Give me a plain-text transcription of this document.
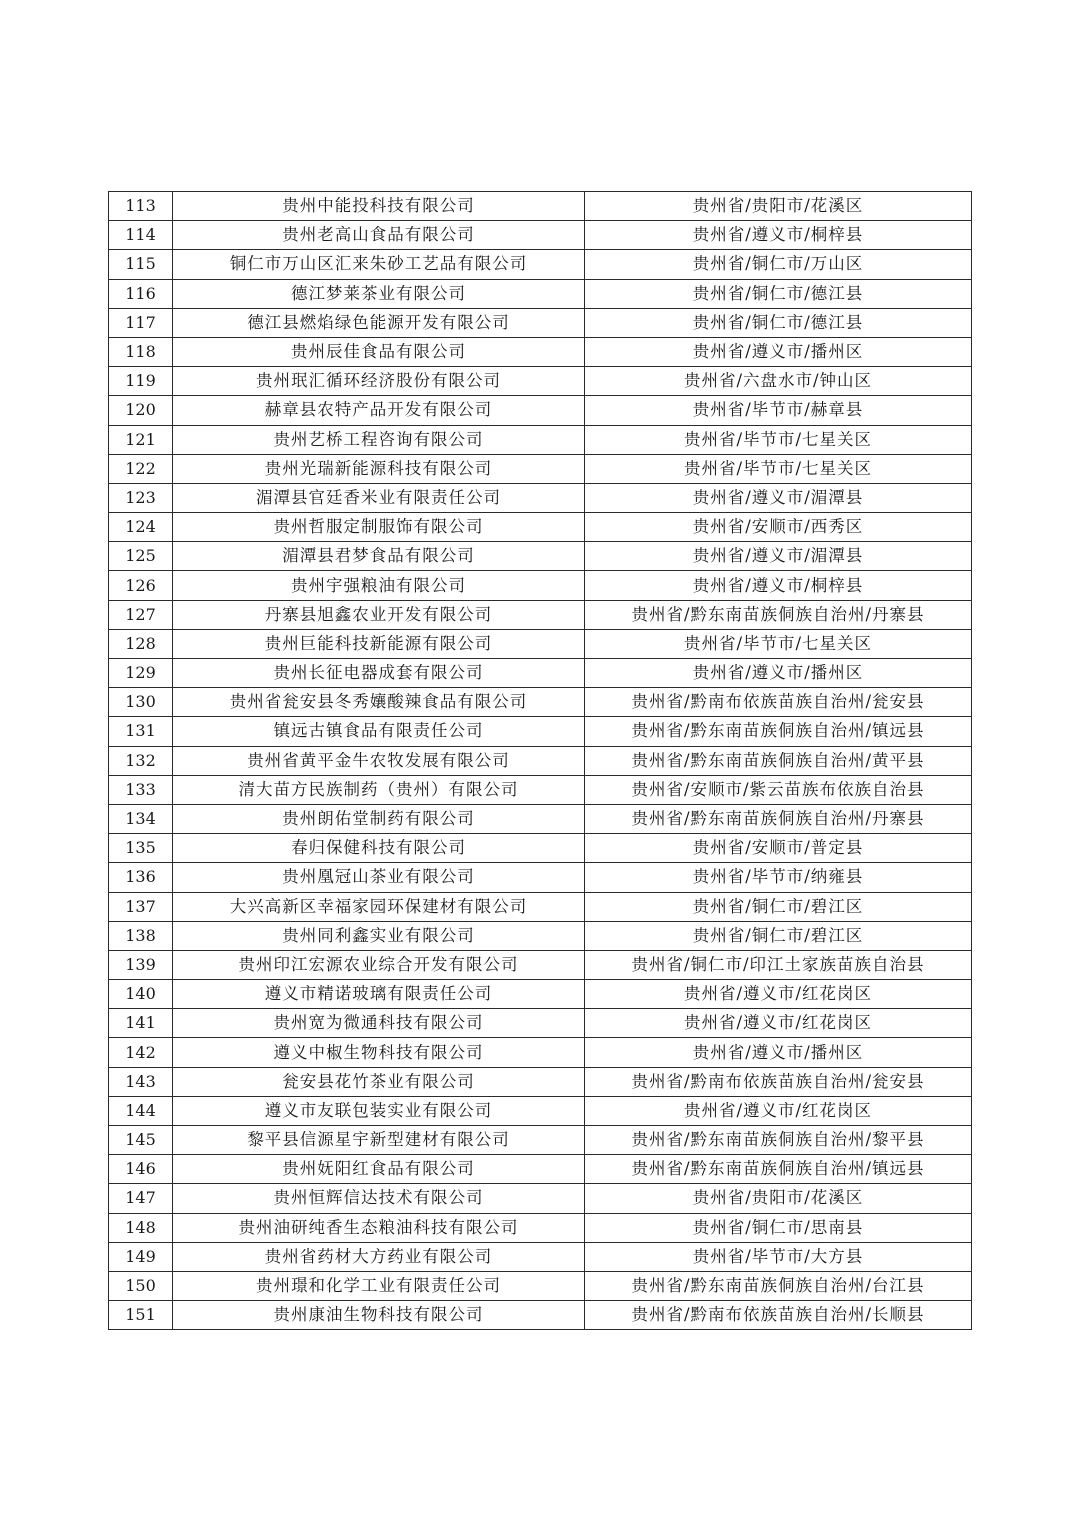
113	贵州中能投科技有限公司	贵州省/贵阳市/花溪区
114	贵州老高山食品有限公司	贵州省/遵义市/桐梓县
115	铜仁市万山区汇来朱砂工艺品有限公司	贵州省/铜仁市/万山区
116	德江梦莱茶业有限公司	贵州省/铜仁市/德江县
117	德江县燃焰绿色能源开发有限公司	贵州省/铜仁市/德江县
118	贵州辰佳食品有限公司	贵州省/遵义市/播州区
119	贵州珉汇循环经济股份有限公司	贵州省/六盘水市/钟山区
120	赫章县农特产品开发有限公司	贵州省/毕节市/赫章县
121	贵州艺桥工程咨询有限公司	贵州省/毕节市/七星关区
122	贵州光瑞新能源科技有限公司	贵州省/毕节市/七星关区
123	湄潭县官廷香米业有限责任公司	贵州省/遵义市/湄潭县
124	贵州哲服定制服饰有限公司	贵州省/安顺市/西秀区
125	湄潭县君梦食品有限公司	贵州省/遵义市/湄潭县
126	贵州宇强粮油有限公司	贵州省/遵义市/桐梓县
127	丹寨县旭鑫农业开发有限公司	贵州省/黔东南苗族侗族自治州/丹寨县
128	贵州巨能科技新能源有限公司	贵州省/毕节市/七星关区
129	贵州长征电器成套有限公司	贵州省/遵义市/播州区
130	贵州省瓮安县冬秀孃酸辣食品有限公司	贵州省/黔南布依族苗族自治州/瓮安县
131	镇远古镇食品有限责任公司	贵州省/黔东南苗族侗族自治州/镇远县
132	贵州省黄平金牛农牧发展有限公司	贵州省/黔东南苗族侗族自治州/黄平县
133	清大苗方民族制药（贵州）有限公司	贵州省/安顺市/紫云苗族布依族自治县
134	贵州朗佑堂制药有限公司	贵州省/黔东南苗族侗族自治州/丹寨县
135	春归保健科技有限公司	贵州省/安顺市/普定县
136	贵州凰冠山茶业有限公司	贵州省/毕节市/纳雍县
137	大兴高新区幸福家园环保建材有限公司	贵州省/铜仁市/碧江区
138	贵州同利鑫实业有限公司	贵州省/铜仁市/碧江区
139	贵州印江宏源农业综合开发有限公司	贵州省/铜仁市/印江土家族苗族自治县
140	遵义市精诺玻璃有限责任公司	贵州省/遵义市/红花岗区
141	贵州宽为微通科技有限公司	贵州省/遵义市/红花岗区
142	遵义中椒生物科技有限公司	贵州省/遵义市/播州区
143	瓮安县花竹茶业有限公司	贵州省/黔南布依族苗族自治州/瓮安县
144	遵义市友联包装实业有限公司	贵州省/遵义市/红花岗区
145	黎平县信源星宇新型建材有限公司	贵州省/黔东南苗族侗族自治州/黎平县
146	贵州妩阳红食品有限公司	贵州省/黔东南苗族侗族自治州/镇远县
147	贵州恒辉信达技术有限公司	贵州省/贵阳市/花溪区
148	贵州油研纯香生态粮油科技有限公司	贵州省/铜仁市/思南县
149	贵州省药材大方药业有限公司	贵州省/毕节市/大方县
150	贵州璟和化学工业有限责任公司	贵州省/黔东南苗族侗族自治州/台江县
151	贵州康油生物科技有限公司	贵州省/黔南布依族苗族自治州/长顺县
